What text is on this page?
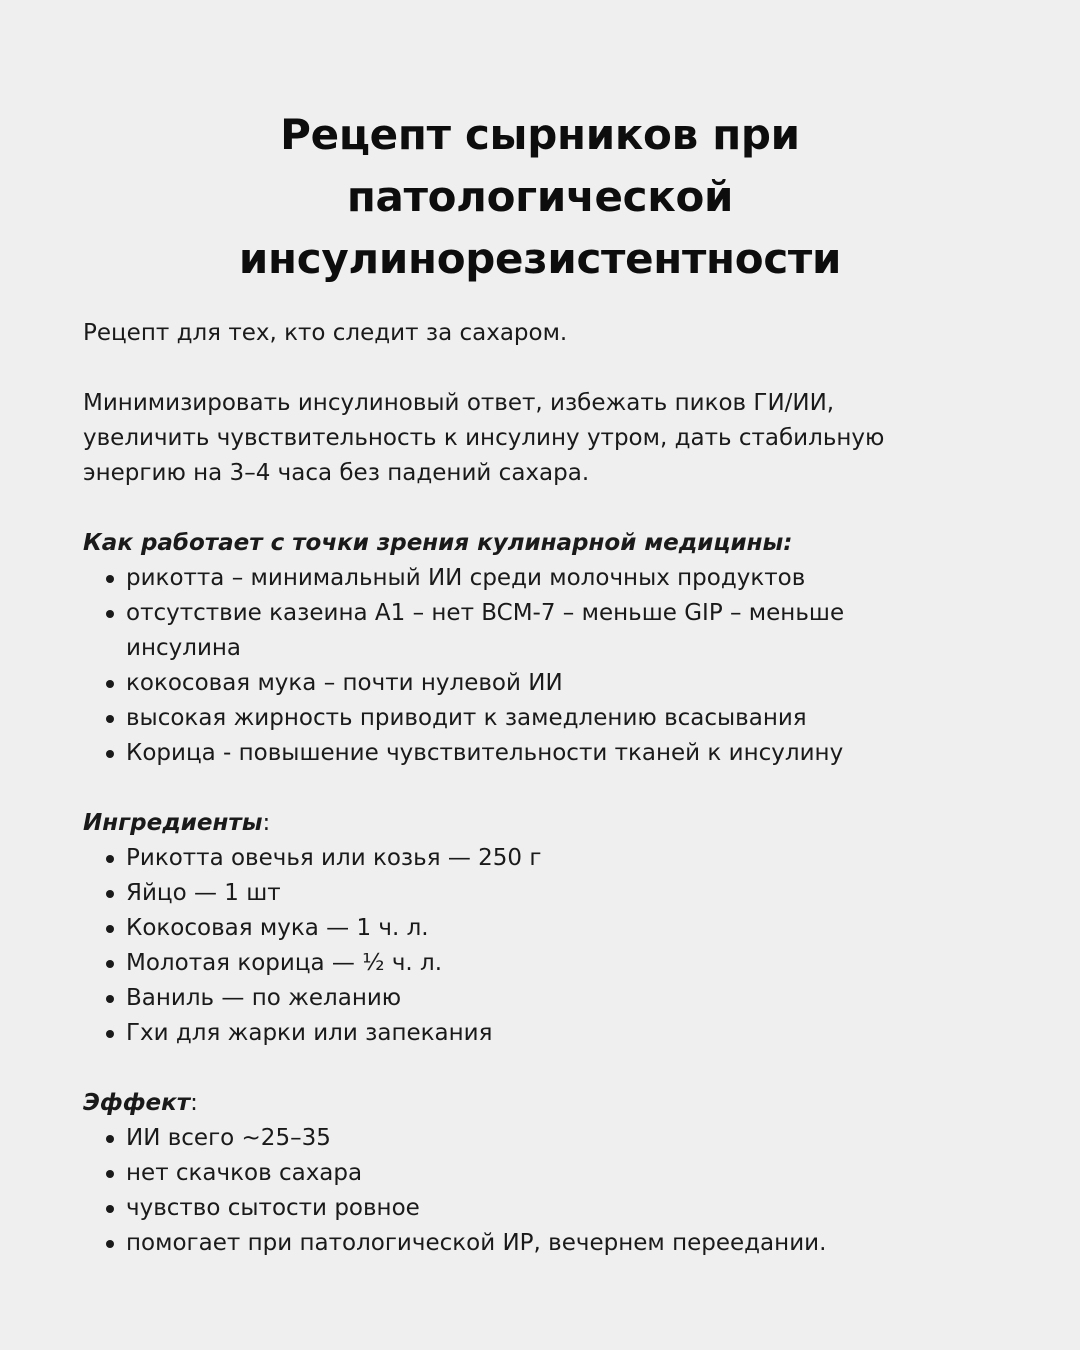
Рецепт сырников при
патологической
инсулинорезистентности

Рецепт для тех, кто следит за сахаром.

Минимизировать инсулиновый ответ, избежать пиков ГИ/ИИ,
увеличить чувствительность к инсулину утром, дать стабильную
энергию на 3–4 часа без падений сахара.

Как работает с точки зрения кулинарной медицины:

рикотта – минимальный ИИ среди молочных продуктов
отсутствие казеина А1 – нет BCM-7 – меньше GIP – меньше
инсулина
кокосовая мука – почти нулевой ИИ
высокая жирность приводит к замедлению всасывания
Корица - повышение чувствительности тканей к инсулину

Ингредиенты:

Рикотта овечья или козья — 250 г
Яйцо — 1 шт
Кокосовая мука — 1 ч. л.
Молотая корица — ½ ч. л.
Ваниль — по желанию
Гхи для жарки или запекания

Эффект:

ИИ всего ~25–35
нет скачков сахара
чувство сытости ровное
помогает при патологической ИР, вечернем переедании.
